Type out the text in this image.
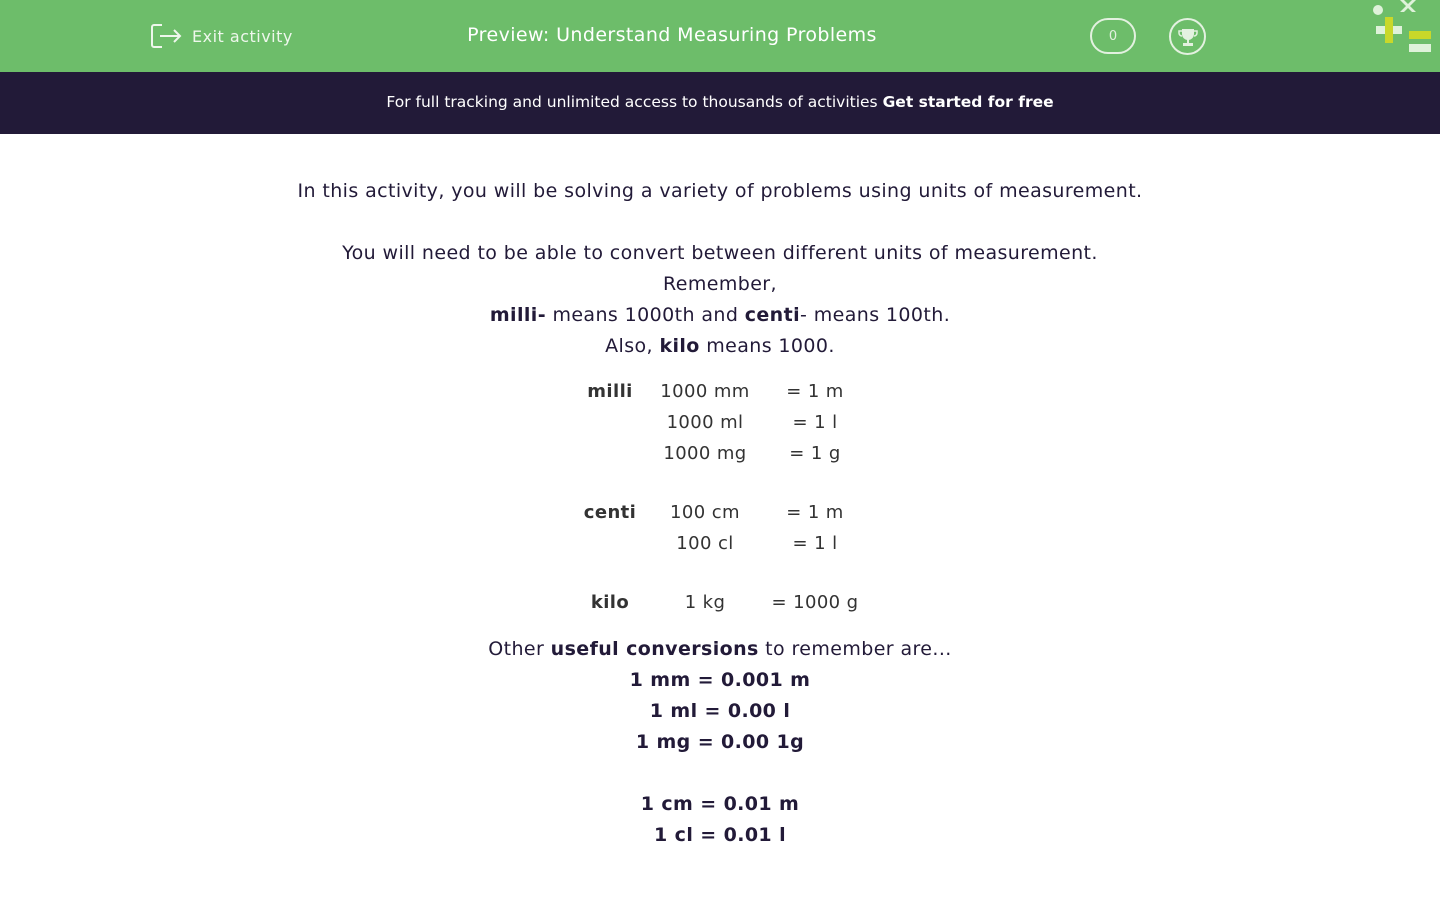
Exit activity	Preview: Understand Measuring Problems	0
For full tracking and unlimited access to thousands of activities Get started for free

In this activity, you will be solving a variety of problems using units of measurement.

You will need to be able to convert between different units of measurement.

Remember,

milli- means 1000th and centi- means 100th.

Also, kilo means 1000.

milli	1000 mm	= 1 m
	1000 ml	= 1 l
	1000 mg	= 1 g

centi	100 cm	= 1 m
	100 cl	= 1 l

kilo	1 kg	= 1000 g

Other useful conversions to remember are...

1 mm = 0.001 m

1 ml = 0.00 l

1 mg = 0.00 1g

1 cm = 0.01 m

1 cl = 0.01 l
